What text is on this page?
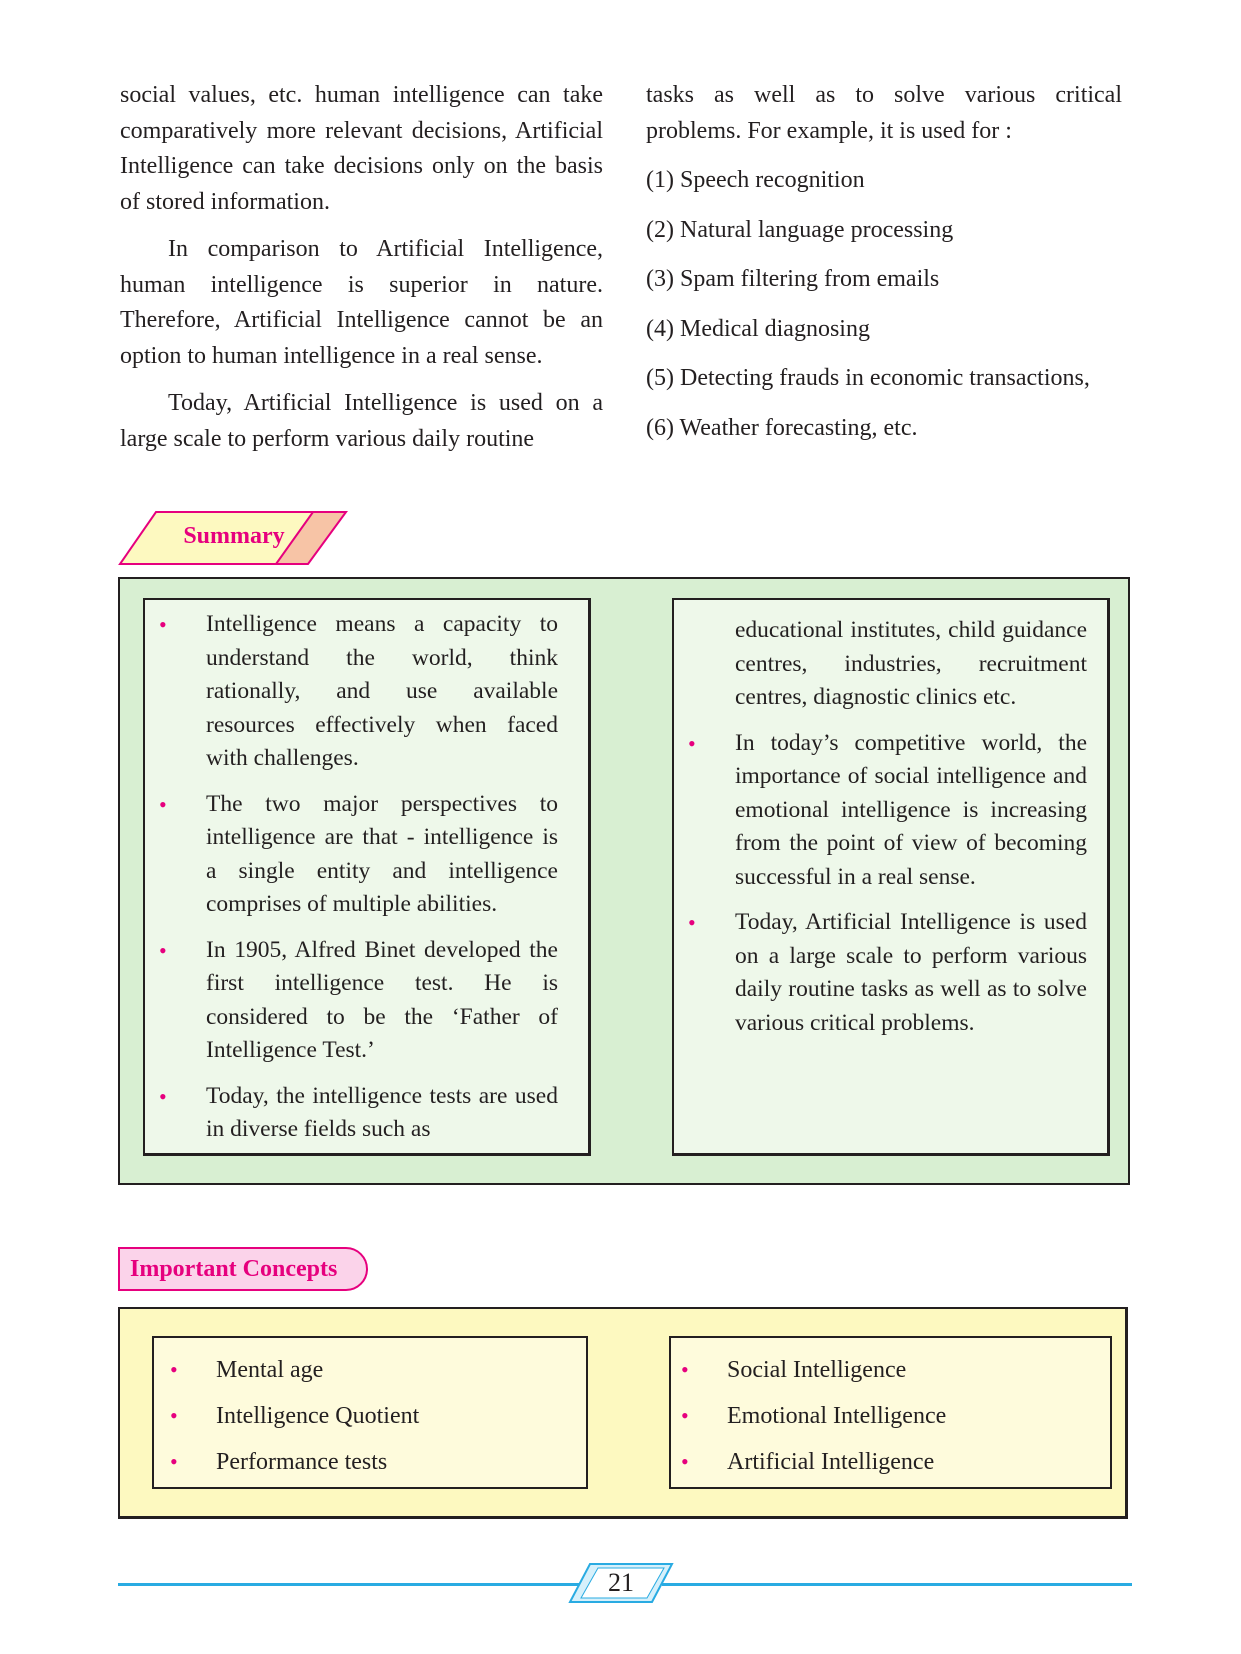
social values, etc. human intelligence can take comparatively more relevant decisions, Artificial Intelligence can take decisions only on the basis of stored information.

In comparison to Artificial Intelligence, human intelligence is superior in nature. Therefore, Artificial Intelligence cannot be an option to human intelligence in a real sense.

Today, Artificial Intelligence is used on a large scale to perform various daily routine

tasks as well as to solve various critical problems. For example, it is used for :

(1) Speech recognition

(2) Natural language processing

(3) Spam filtering from emails

(4) Medical diagnosing

(5) Detecting frauds in economic transactions,

(6) Weather forecasting, etc.

Summary
• Intelligence means a capacity to understand the world, think rationally, and use available resources effectively when faced with challenges.
• The two major perspectives to intelligence are that - intelligence is a single entity and intelligence comprises of multiple abilities.
• In 1905, Alfred Binet developed the first intelligence test. He is considered to be the ‘Father of Intelligence Test.’
• Today, the intelligence tests are used in diverse fields such as
educational institutes, child guidance centres, industries, recruitment centres, diagnostic clinics etc.
• In today’s competitive world, the importance of social intelligence and emotional intelligence is increasing from the point of view of becoming successful in a real sense.
• Today, Artificial Intelligence is used on a large scale to perform various daily routine tasks as well as to solve various critical problems.
Important Concepts
• Mental age
• Intelligence Quotient
• Performance tests
• Social Intelligence
• Emotional Intelligence
• Artificial Intelligence
21
